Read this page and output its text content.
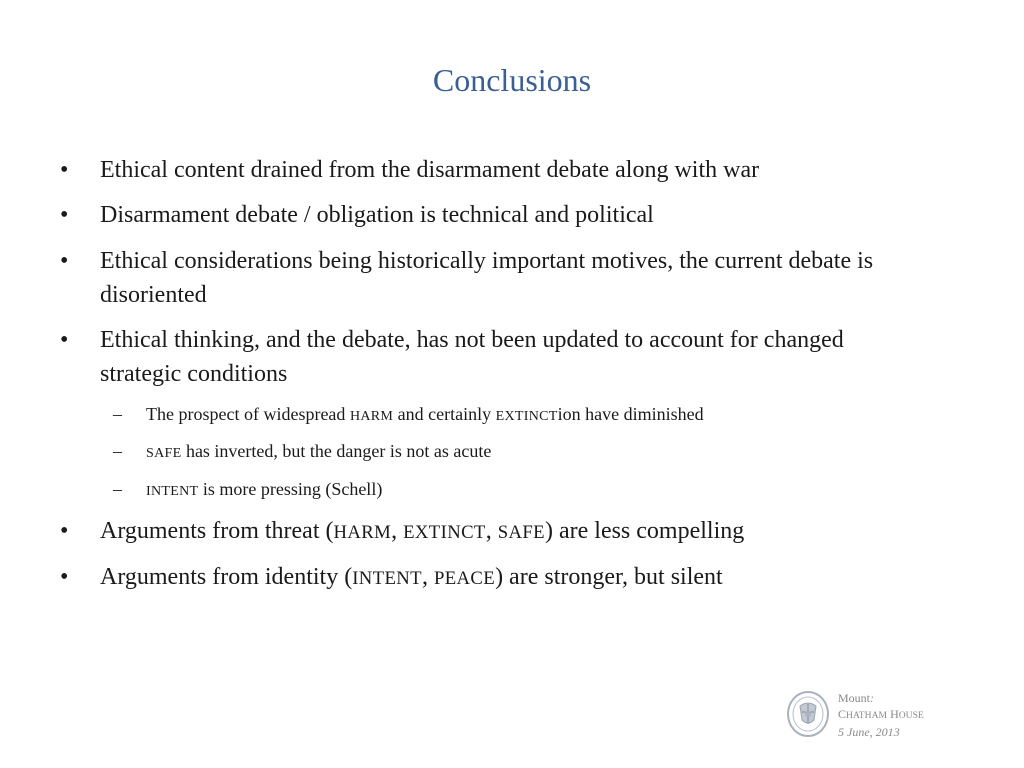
Conclusions
• Ethical content drained from the disarmament debate along with war
• Disarmament debate / obligation is technical and political
• Ethical considerations being historically important motives, the current debate is disoriented
• Ethical thinking, and the debate, has not been updated to account for changed strategic conditions
– The prospect of widespread HARM and certainly EXTINCTion have diminished
– SAFE has inverted, but the danger is not as acute
– INTENT is more pressing (Schell)
• Arguments from threat (HARM, EXTINCT, SAFE) are less compelling
• Arguments from identity (INTENT, PEACE) are stronger, but silent
Mount:
CHATHAM HOUSE
5 June, 2013
